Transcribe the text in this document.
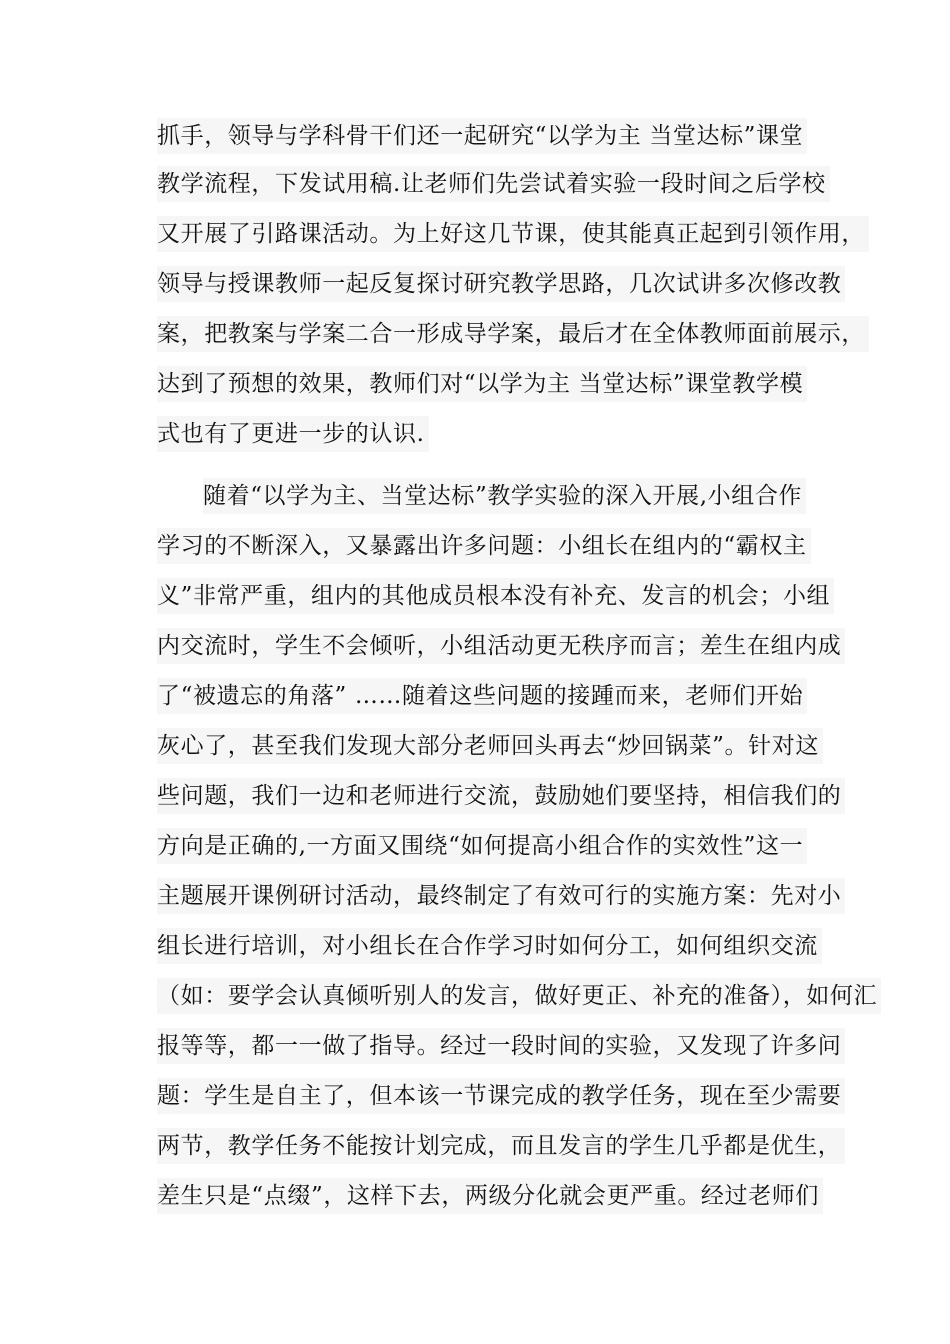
抓手，领导与学科骨干们还一起研究“以学为主 当堂达标”课堂
教学流程，下发试用稿.让老师们先尝试着实验一段时间之后学校
又开展了引路课活动。为上好这几节课，使其能真正起到引领作用，
领导与授课教师一起反复探讨研究教学思路，几次试讲多次修改教
案，把教案与学案二合一形成导学案，最后才在全体教师面前展示，
达到了预想的效果，教师们对“以学为主 当堂达标”课堂教学模
式也有了更进一步的认识.
随着“以学为主、当堂达标”教学实验的深入开展,小组合作
学习的不断深入，又暴露出许多问题：小组长在组内的“霸权主
义”非常严重，组内的其他成员根本没有补充、发言的机会；小组
内交流时，学生不会倾听，小组活动更无秩序而言；差生在组内成
了“被遗忘的角落” ……随着这些问题的接踵而来，老师们开始
灰心了，甚至我们发现大部分老师回头再去“炒回锅菜”。针对这
些问题，我们一边和老师进行交流，鼓励她们要坚持，相信我们的
方向是正确的,一方面又围绕“如何提高小组合作的实效性”这一
主题展开课例研讨活动，最终制定了有效可行的实施方案：先对小
组长进行培训，对小组长在合作学习时如何分工，如何组织交流
（如：要学会认真倾听别人的发言，做好更正、补充的准备），如何汇
报等等，都一一做了指导。经过一段时间的实验，又发现了许多问
题：学生是自主了，但本该一节课完成的教学任务，现在至少需要
两节，教学任务不能按计划完成，而且发言的学生几乎都是优生，
差生只是“点缀”，这样下去，两级分化就会更严重。经过老师们
